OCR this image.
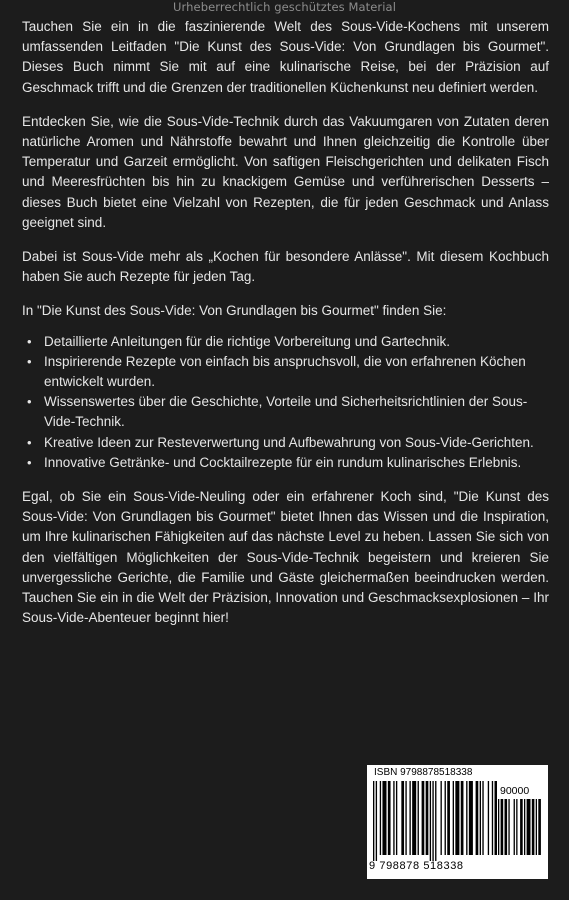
Urheberrechtlich geschütztes Material

Tauchen Sie ein in die faszinierende Welt des Sous-Vide-Kochens mit unserem umfassenden Leitfaden "Die Kunst des Sous-Vide: Von Grundlagen bis Gourmet". Dieses Buch nimmt Sie mit auf eine kulinarische Reise, bei der Präzision auf Geschmack trifft und die Grenzen der traditionellen Küchenkunst neu definiert werden.

Entdecken Sie, wie die Sous-Vide-Technik durch das Vakuumgaren von Zutaten deren natürliche Aromen und Nährstoffe bewahrt und Ihnen gleichzeitig die Kontrolle über Temperatur und Garzeit ermöglicht. Von saftigen Fleischgerichten und delikaten Fisch und Meeresfrüchten bis hin zu knackigem Gemüse und verführerischen Desserts – dieses Buch bietet eine Vielzahl von Rezepten, die für jeden Geschmack und Anlass geeignet sind.

Dabei ist Sous-Vide mehr als „Kochen für besondere Anlässe". Mit diesem Kochbuch haben Sie auch Rezepte für jeden Tag.

In "Die Kunst des Sous-Vide: Von Grundlagen bis Gourmet" finden Sie:

• Detaillierte Anleitungen für die richtige Vorbereitung und Gartechnik.
• Inspirierende Rezepte von einfach bis anspruchsvoll, die von erfahrenen Köchen entwickelt wurden.
• Wissenswertes über die Geschichte, Vorteile und Sicherheitsrichtlinien der Sous-Vide-Technik.
• Kreative Ideen zur Resteverwertung und Aufbewahrung von Sous-Vide-Gerichten.
• Innovative Getränke- und Cocktailrezepte für ein rundum kulinarisches Erlebnis.

Egal, ob Sie ein Sous-Vide-Neuling oder ein erfahrener Koch sind, "Die Kunst des Sous-Vide: Von Grundlagen bis Gourmet" bietet Ihnen das Wissen und die Inspiration, um Ihre kulinarischen Fähigkeiten auf das nächste Level zu heben. Lassen Sie sich von den vielfältigen Möglichkeiten der Sous-Vide-Technik begeistern und kreieren Sie unvergessliche Gerichte, die Familie und Gäste gleichermaßen beeindrucken werden. Tauchen Sie ein in die Welt der Präzision, Innovation und Geschmacksexplosionen – Ihr Sous-Vide-Abenteuer beginnt hier!

ISBN 9798878518338
90000
9 798878 518338
